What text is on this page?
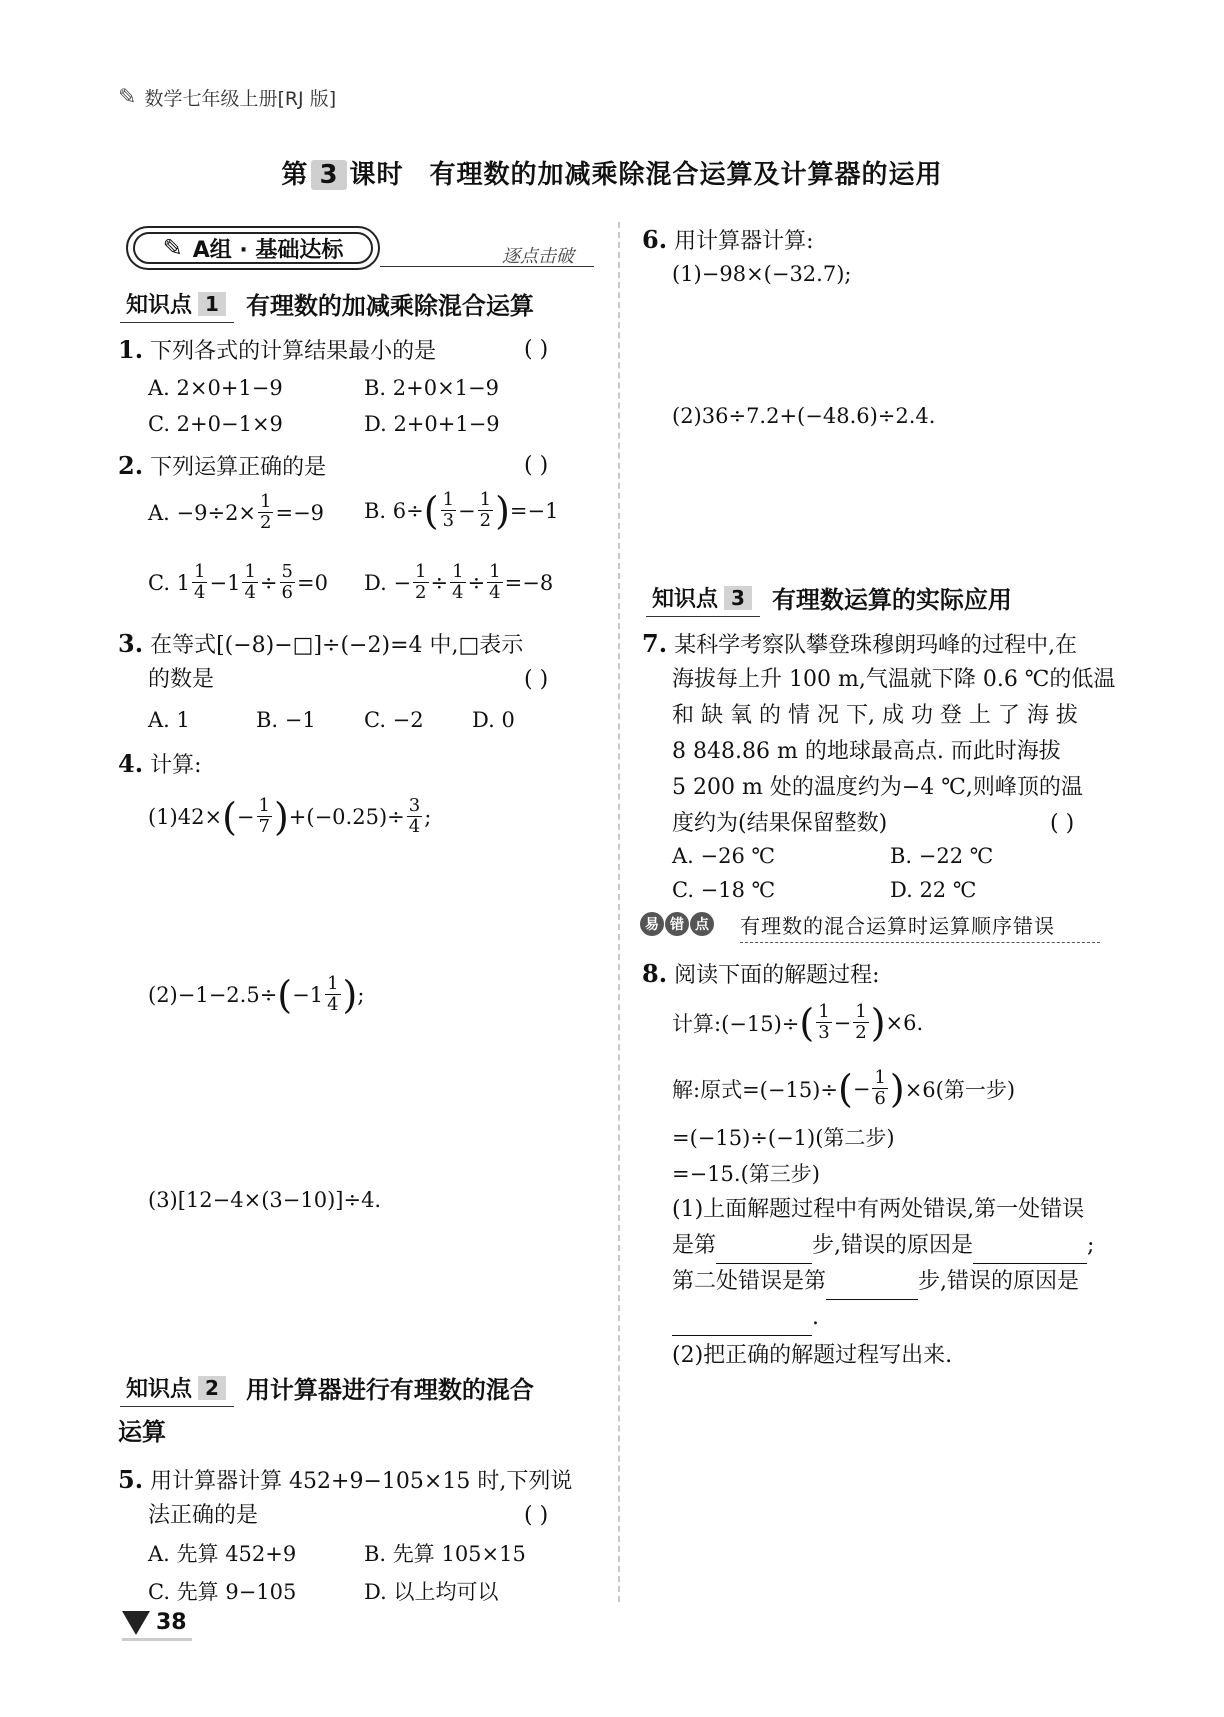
✎ 数学七年级上册[RJ 版]
第 3 课时 有理数的加减乘除混合运算及计算器的运用
✎ A组 · 基础达标	逐点击破
知识点 1 有理数的加减乘除混合运算
1. 下列各式的计算结果最小的是	( )
A. 2×0+1−9	B. 2+0×1−9
C. 2+0−1×9	D. 2+0+1−9
2. 下列运算正确的是	( )
A. $-9\div 2\times \frac{1}{2} =-9$ B. 6÷ ( $\frac{1}{3} - \frac{1}{2}$ ) =−1
C. $1 \frac{1}{4} -1 \frac{1}{4} \div \frac{5}{6} =0$ D. − $\frac{1}{2} \div \frac{1}{4} \div \frac{1}{4} =-8$
3. 在等式[(−8)−□]÷(−2)=4 中,□表示
的数是	( )
A. 1	B. −1 C. −2 D. 0
4. 计算:
(1)42× ( − $\frac{1}{7}$ ) $+(-0.25)\div \frac{3}{4}$ ;
(2)−1−2.5÷ ( $-1 \frac{1}{4}$ ) ;
(3)[12−4×(3−10)]÷4.
知识点 2 用计算器进行有理数的混合
运算
5. 用计算器计算 452+9−105×15 时,下列说
法正确的是	( )
A. 先算 452+9	B. 先算 105×15
C. 先算 9−105	D. 以上均可以
6. 用计算器计算:
(1)−98×(−32.7);
(2)36÷7.2+(−48.6)÷2.4.
知识点 3 有理数运算的实际应用
7. 某科学考察队攀登珠穆朗玛峰的过程中,在
海拔每上升 100 m,气温就下降 0.6 ℃的低温
和 缺 氧 的 情 况 下, 成 功 登 上 了 海 拔
8 848.86 m 的地球最高点. 而此时海拔
5 200 m 处的温度约为−4 ℃,则峰顶的温
度约为(结果保留整数)	( )
A. −26 ℃	B. −22 ℃
C. −18 ℃	D. 22 ℃
易 错 点 有理数的混合运算时运算顺序错误
8. 阅读下面的解题过程:
计算:(−15)÷ ( $\frac{1}{3} - \frac{1}{2}$ ) ×6.
解:原式=(−15)÷ ( − $\frac{1}{6}$ ) ×6(第一步)
=(−15)÷(−1)(第二步)
=−15.(第三步)
(1)上面解题过程中有两处错误,第一处错误
是第	步,错误的原因是	;
第二处错误是第	步,错误的原因是
.
(2)把正确的解题过程写出来.
38
